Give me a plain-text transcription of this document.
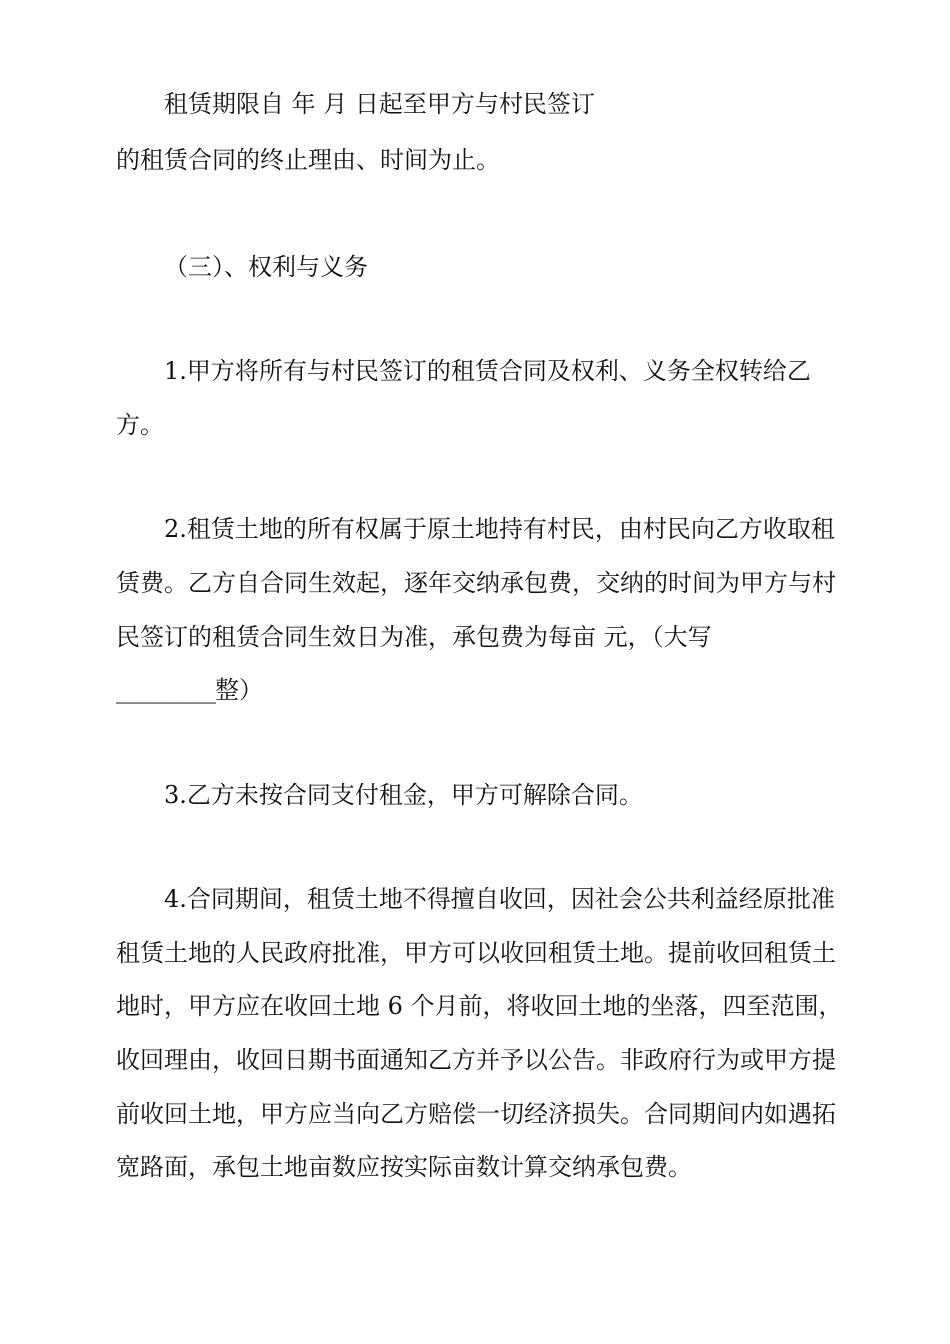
租赁期限自 年 月 日起至甲方与村民签订

的租赁合同的终止理由、时间为止。

（三）、权利与义务

1.甲方将所有与村民签订的租赁合同及权利、义务全权转给乙

方。

2.租赁土地的所有权属于原土地持有村民，由村民向乙方收取租

赁费。乙方自合同生效起，逐年交纳承包费，交纳的时间为甲方与村

民签订的租赁合同生效日为准，承包费为每亩 元，（大写

_________整）

3.乙方未按合同支付租金，甲方可解除合同。

4.合同期间，租赁土地不得擅自收回，因社会公共利益经原批准

租赁土地的人民政府批准，甲方可以收回租赁土地。提前收回租赁土

地时，甲方应在收回土地 6 个月前，将收回土地的坐落，四至范围，

收回理由，收回日期书面通知乙方并予以公告。非政府行为或甲方提

前收回土地，甲方应当向乙方赔偿一切经济损失。合同期间内如遇拓

宽路面，承包土地亩数应按实际亩数计算交纳承包费。
